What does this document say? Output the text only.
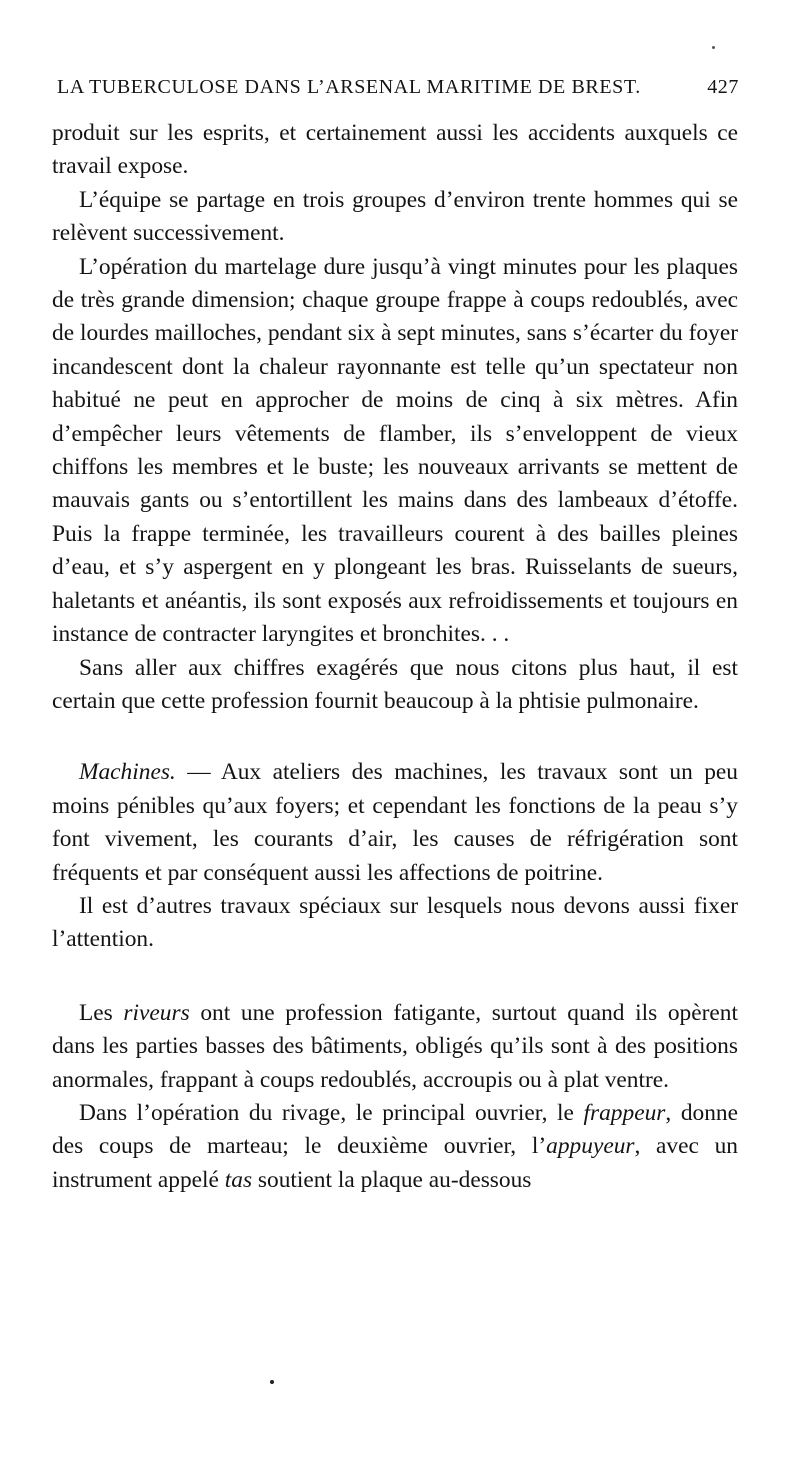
LA TUBERCULOSE DANS L’ARSENAL MARITIME DE BREST.	427

produit sur les esprits, et certainement aussi les accidents auxquels ce travail expose.

L’équipe se partage en trois groupes d’environ trente hommes qui se relèvent successivement.

L’opération du martelage dure jusqu’à vingt minutes pour les plaques de très grande dimension; chaque groupe frappe à coups redoublés, avec de lourdes mailloches, pendant six à sept minutes, sans s’écarter du foyer incandescent dont la chaleur rayonnante est telle qu’un spectateur non habitué ne peut en approcher de moins de cinq à six mètres. Afin d’empêcher leurs vêtements de flamber, ils s’enveloppent de vieux chiffons les membres et le buste; les nouveaux arrivants se mettent de mauvais gants ou s’entortillent les mains dans des lambeaux d’étoffe. Puis la frappe terminée, les travailleurs courent à des bailles pleines d’eau, et s’y aspergent en y plongeant les bras. Ruisselants de sueurs, haletants et anéantis, ils sont exposés aux refroidissements et toujours en instance de contracter laryngites et bronchites. . .

Sans aller aux chiffres exagérés que nous citons plus haut, il est certain que cette profession fournit beaucoup à la phtisie pulmonaire.

Machines. — Aux ateliers des machines, les travaux sont un peu moins pénibles qu’aux foyers; et cependant les fonctions de la peau s’y font vivement, les courants d’air, les causes de réfrigération sont fréquents et par conséquent aussi les affections de poitrine.

Il est d’autres travaux spéciaux sur lesquels nous devons aussi fixer l’attention.

Les riveurs ont une profession fatigante, surtout quand ils opèrent dans les parties basses des bâtiments, obligés qu’ils sont à des positions anormales, frappant à coups redoublés, accroupis ou à plat ventre.

Dans l’opération du rivage, le principal ouvrier, le frappeur, donne des coups de marteau; le deuxième ouvrier, l’appuyeur, avec un instrument appelé tas soutient la plaque au-dessous
